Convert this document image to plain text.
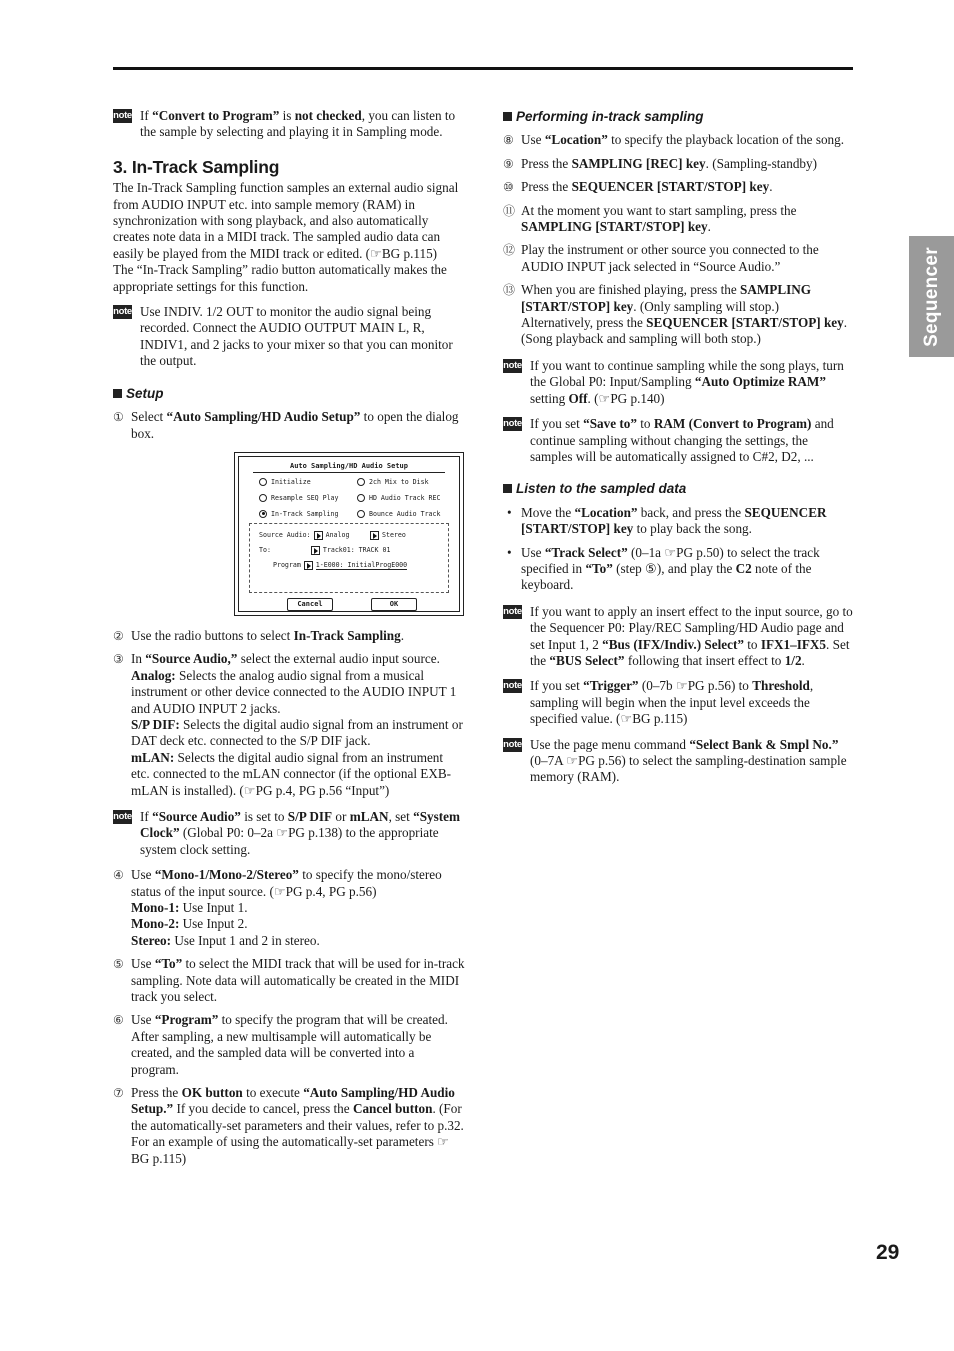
note If “Convert to Program” is not checked, you can listen to the sample by selecting and playing it in Sampling mode.

3. In-Track Sampling

The In-Track Sampling function samples an external audio signal from AUDIO INPUT etc. into sample memory (RAM) in synchronization with song playback, and also automatically creates note data in a MIDI track. The sampled audio data can easily be played from the MIDI track or edited. (☞BG p.115)

The “In-Track Sampling” radio button automatically makes the appropriate settings for this function.

note Use INDIV. 1/2 OUT to monitor the audio signal being recorded. Connect the AUDIO OUTPUT MAIN L, R, INDIV1, and 2 jacks to your mixer so that you can monitor the output.

Setup
① Select “Auto Sampling/HD Audio Setup” to open the dialog box.

Auto Sampling/HD Audio Setup
Initialize	2ch Mix to Disk
Resample SEQ Play	HD Audio Track REC
In-Track Sampling	Bounce Audio Track
Source Audio: Analog	Stereo
To:	Track01: TRACK 01
Program 1-E000: InitialProgE000
Cancel	OK
② Use the radio buttons to select In-Track Sampling.

③ In “Source Audio,” select the external audio input source.

Analog: Selects the analog audio signal from a musical instrument or other device connected to the AUDIO INPUT 1 and AUDIO INPUT 2 jacks.

S/P DIF: Selects the digital audio signal from an instrument or DAT deck etc. connected to the S/P DIF jack.

mLAN: Selects the digital audio signal from an instrument etc. connected to the mLAN connector (if the optional EXB-mLAN is installed). (☞PG p.4, PG p.56 “Input”)

note If “Source Audio” is set to S/P DIF or mLAN, set “System Clock” (Global P0: 0–2a ☞PG p.138) to the appropriate system clock setting.

④ Use “Mono-1/Mono-2/Stereo” to specify the mono/stereo status of the input source. (☞PG p.4, PG p.56)

Mono-1: Use Input 1.

Mono-2: Use Input 2.

Stereo: Use Input 1 and 2 in stereo.

⑤ Use “To” to select the MIDI track that will be used for in-track sampling. Note data will automatically be created in the MIDI track you select.

⑥ Use “Program” to specify the program that will be created. After sampling, a new multisample will automatically be created, and the sampled data will be converted into a program.

⑦ Press the OK button to execute “Auto Sampling/HD Audio Setup.” If you decide to cancel, press the Cancel button. (For the automatically-set parameters and their values, refer to p.32. For an example of using the automatically-set parameters ☞BG p.115)

Performing in-track sampling
⑧ Use “Location” to specify the playback location of the song.

⑨ Press the SAMPLING [REC] key. (Sampling-standby)

⑩ Press the SEQUENCER [START/STOP] key.

⑪ At the moment you want to start sampling, press the SAMPLING [START/STOP] key.

⑫ Play the instrument or other source you connected to the AUDIO INPUT jack selected in “Source Audio.”

⑬ When you are finished playing, press the SAMPLING [START/STOP] key. (Only sampling will stop.) Alternatively, press the SEQUENCER [START/STOP] key. (Song playback and sampling will both stop.)

note If you want to continue sampling while the song plays, turn the Global P0: Input/Sampling “Auto Optimize RAM” setting Off. (☞PG p.140)

note If you set “Save to” to RAM (Convert to Program) and continue sampling without changing the settings, the samples will be automatically assigned to C#2, D2, ...

Listen to the sampled data
• Move the “Location” back, and press the SEQUENCER [START/STOP] key to play back the song.

• Use “Track Select” (0–1a ☞PG p.50) to select the track specified in “To” (step ⑤), and play the C2 note of the keyboard.

note If you want to apply an insert effect to the input source, go to the Sequencer P0: Play/REC Sampling/HD Audio page and set Input 1, 2 “Bus (IFX/Indiv.) Select” to IFX1–IFX5. Set the “BUS Select” following that insert effect to 1/2.

note If you set “Trigger” (0–7b ☞PG p.56) to Threshold, sampling will begin when the input level exceeds the specified value. (☞BG p.115)

note Use the page menu command “Select Bank & Smpl No.” (0–7A ☞PG p.56) to select the sampling-destination sample memory (RAM).

Sequencer
29
